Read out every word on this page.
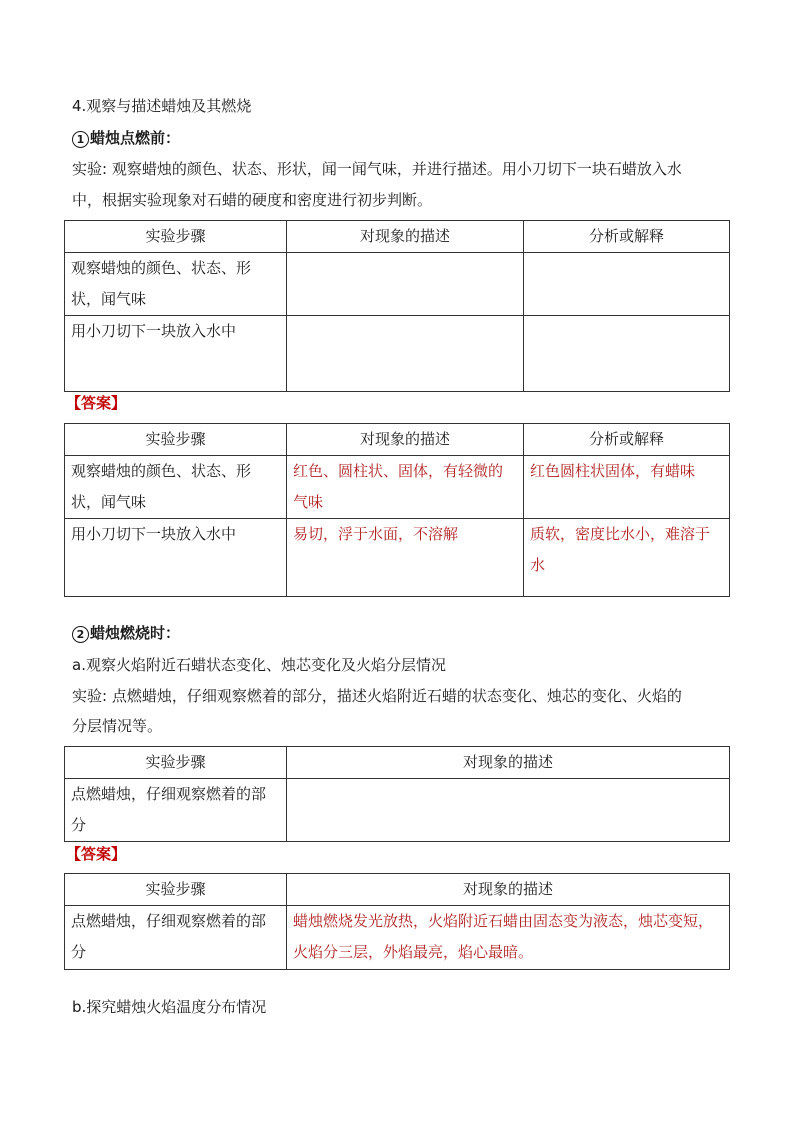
4.观察与描述蜡烛及其燃烧
1 蜡烛点燃前：
实验: 观察蜡烛的颜色、状态、形状，闻一闻气味，并进行描述。用小刀切下一块石蜡放入水
中，根据实验现象对石蜡的硬度和密度进行初步判断。
实验步骤	对现象的描述	分析或解释
观察蜡烛的颜色、状态、形状，闻气味		
用小刀切下一块放入水中		
【答案】
实验步骤	对现象的描述	分析或解释
观察蜡烛的颜色、状态、形状，闻气味	红色、圆柱状、固体，有轻微的气味	红色圆柱状固体，有蜡味
用小刀切下一块放入水中	易切，浮于水面，不溶解	质软，密度比水小，难溶于水
2 蜡烛燃烧时：
a.观察火焰附近石蜡状态变化、烛芯变化及火焰分层情况
实验: 点燃蜡烛，仔细观察燃着的部分，描述火焰附近石蜡的状态变化、烛芯的变化、火焰的
分层情况等。
实验步骤	对现象的描述
点燃蜡烛，仔细观察燃着的部分	
【答案】
实验步骤	对现象的描述
点燃蜡烛，仔细观察燃着的部分	蜡烛燃烧发光放热，火焰附近石蜡由固态变为液态，烛芯变短，火焰分三层，外焰最亮，焰心最暗。
b.探究蜡烛火焰温度分布情况
